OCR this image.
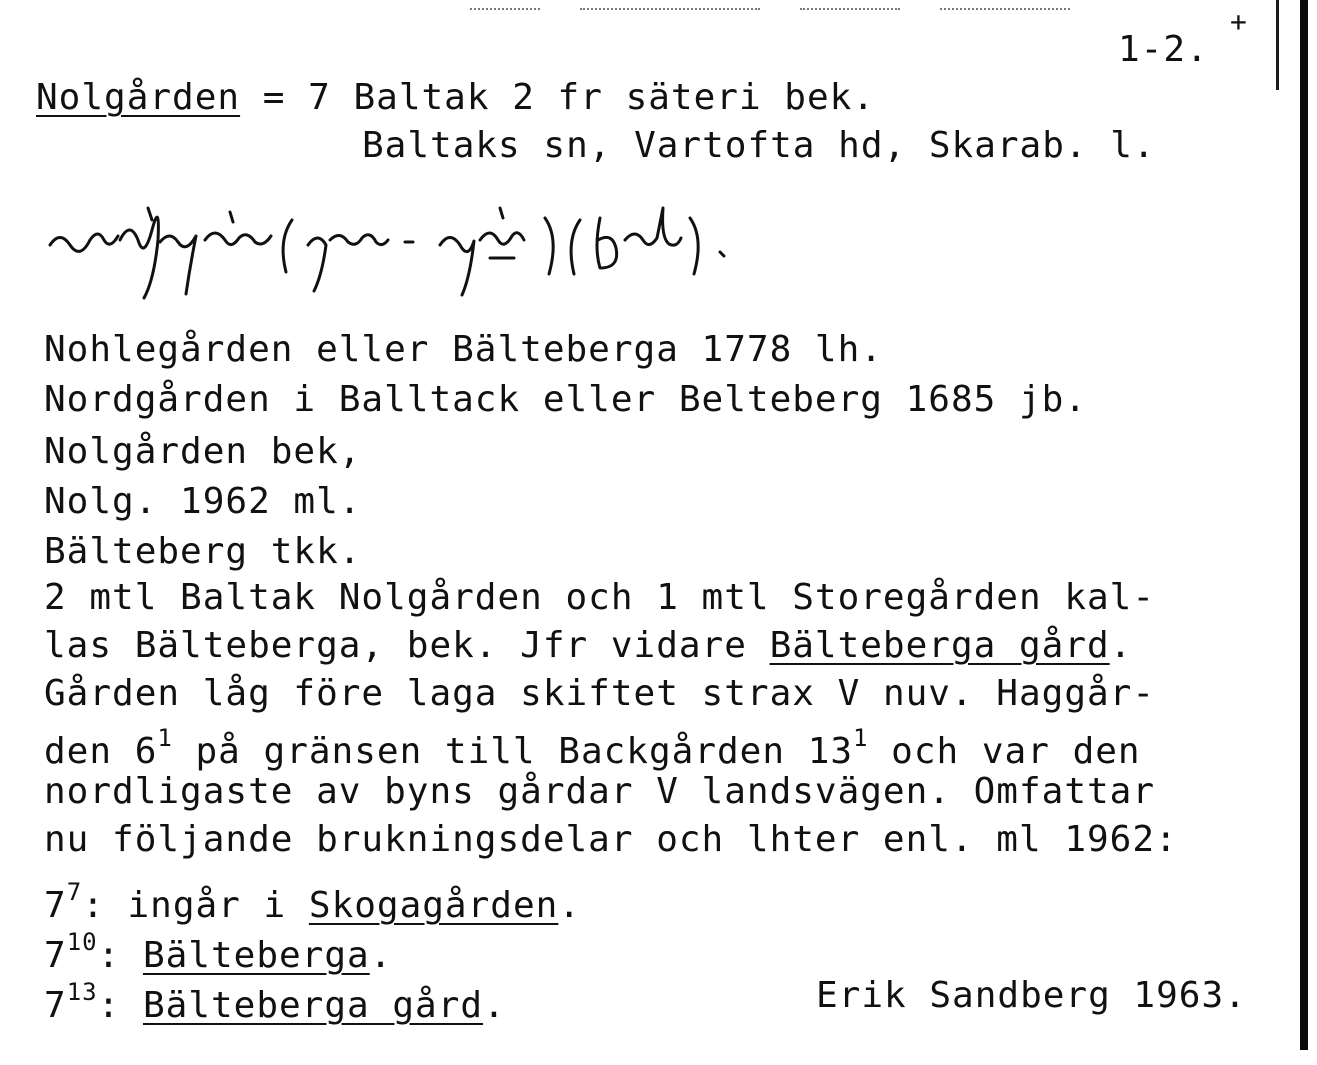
+
1-2.
Nolgården = 7 Baltak 2 fr säteri bek.
Baltaks sn, Vartofta hd, Skarab. l.
Nohlegården eller Bälteberga 1778 lh.
Nordgården i Balltack eller Belteberg 1685 jb.
Nolgården bek,
Nolg. 1962 ml.
Bälteberg tkk.
2 mtl Baltak Nolgården och 1 mtl Storegården kal-
las Bälteberga, bek. Jfr vidare Bälteberga gård.
Gården låg före laga skiftet strax V nuv. Haggår-
den $6^1$ på gränsen till Backgården $13^1$ och var den
nordligaste av byns gårdar V landsvägen. Omfattar
nu följande brukningsdelar och lhter enl. ml 1962:
$7^7$: ingår i Skogagården.
$7^{10}$: Bälteberga.
$7^{13}$: Bälteberga gård.	Erik Sandberg 1963.
